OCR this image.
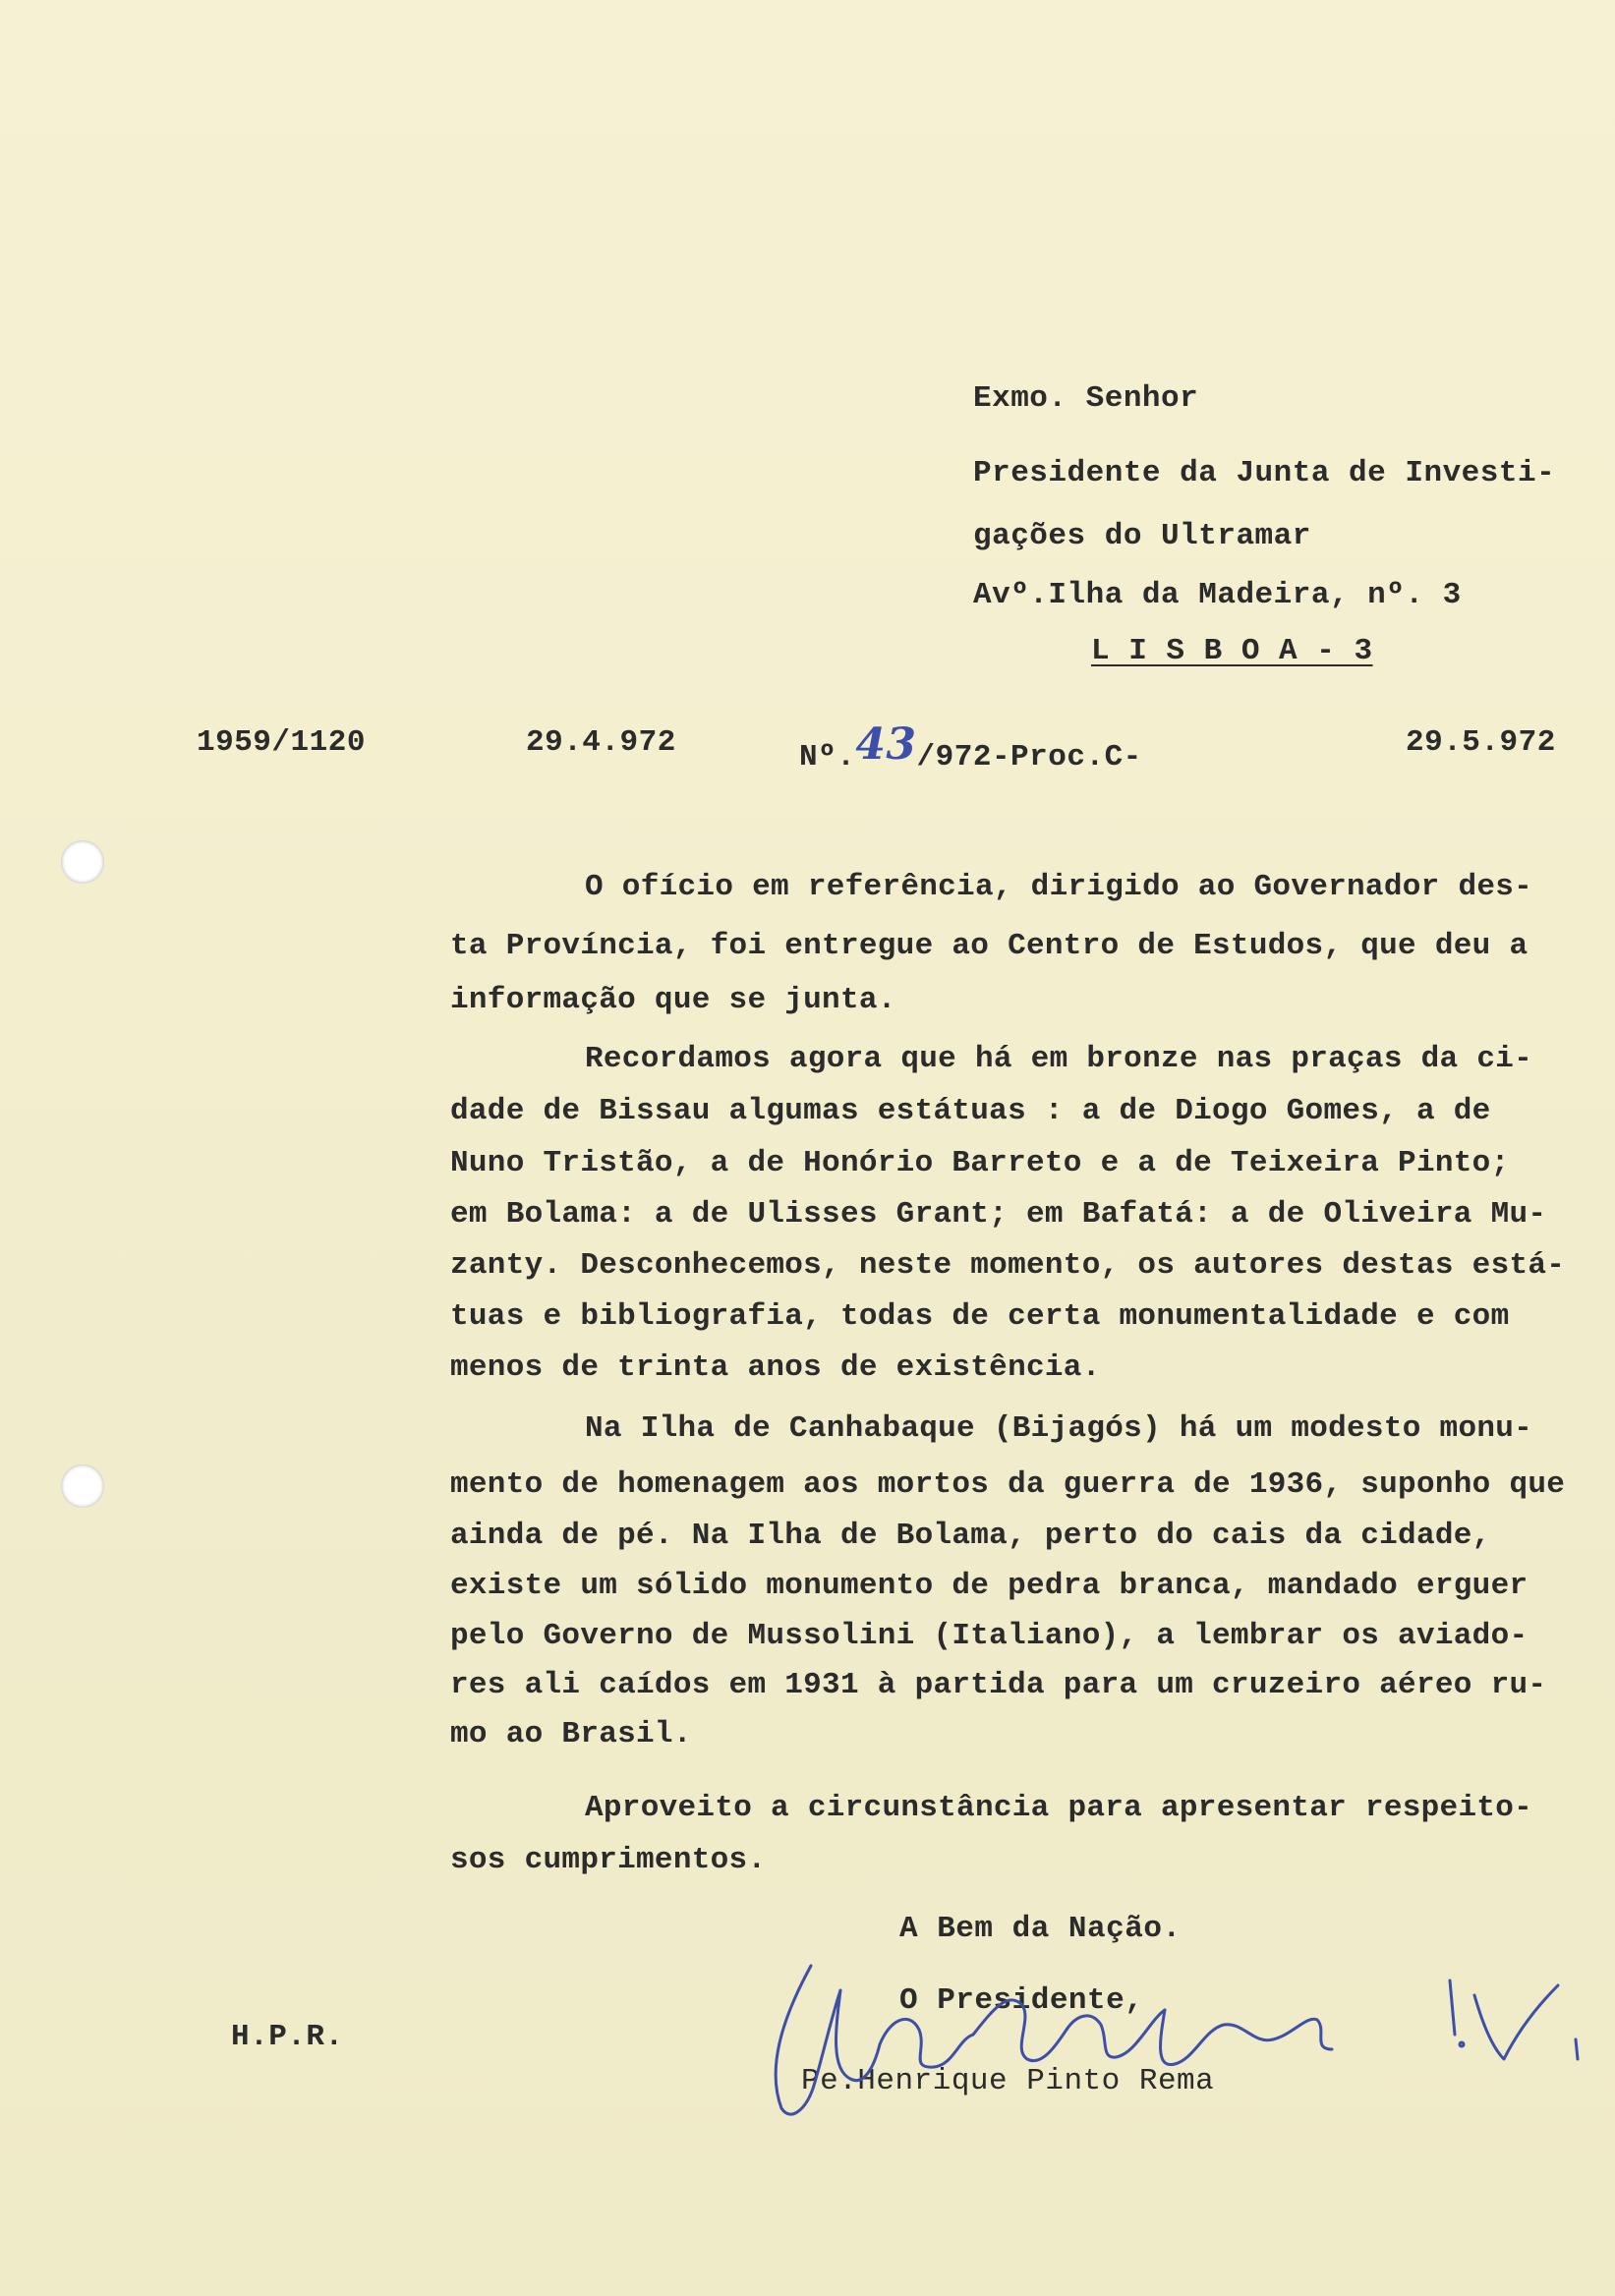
Exmo. Senhor
Presidente da Junta de Investi-
gações do Ultramar
Avº.Ilha da Madeira, nº. 3
L I S B O A - 3
1959/1120	29.4.972	Nº.43/972-Proc.C-	29.5.972
O ofício em referência, dirigido ao Governador des-
ta Província, foi entregue ao Centro de Estudos, que deu a
informação que se junta.
Recordamos agora que há em bronze nas praças da ci-
dade de Bissau algumas estátuas : a de Diogo Gomes, a de
Nuno Tristão, a de Honório Barreto e a de Teixeira Pinto;
em Bolama: a de Ulisses Grant; em Bafatá: a de Oliveira Mu-
zanty. Desconhecemos, neste momento, os autores destas está-
tuas e bibliografia, todas de certa monumentalidade e com
menos de trinta anos de existência.
Na Ilha de Canhabaque (Bijagós) há um modesto monu-
mento de homenagem aos mortos da guerra de 1936, suponho que
ainda de pé. Na Ilha de Bolama, perto do cais da cidade,
existe um sólido monumento de pedra branca, mandado erguer
pelo Governo de Mussolini (Italiano), a lembrar os aviado-
res ali caídos em 1931 à partida para um cruzeiro aéreo ru-
mo ao Brasil.
Aproveito a circunstância para apresentar respeito-
sos cumprimentos.
A Bem da Nação.
O Presidente,
Pe.Henrique Pinto Rema
H.P.R.
